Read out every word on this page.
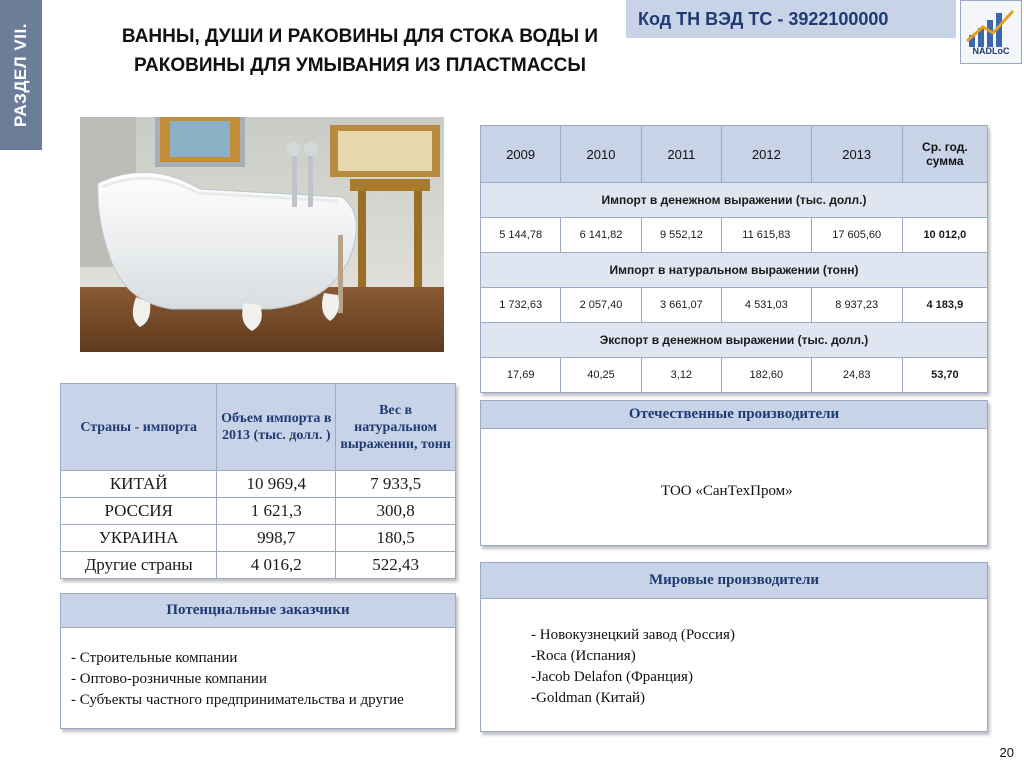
РАЗДЕЛ VII.	ВАННЫ, ДУШИ И РАКОВИНЫ ДЛЯ СТОКА ВОДЫ И
РАКОВИНЫ ДЛЯ УМЫВАНИЯ ИЗ ПЛАСТМАССЫ
Код ТН ВЭД ТС - 3922100000
NADLoC
2009	2010	2011	2012	2013	Ср. год.
сумма

Импорт в денежном выражении (тыс. долл.)					
5 144,78	6 141,82	9 552,12	11 615,83	17 605,60	10 012,0
Импорт в натуральном выражении (тонн)					
1 732,63	2 057,40	3 661,07	4 531,03	8 937,23	4 183,9
Экспорт в денежном выражении (тыс. долл.)					
17,69	40,25	3,12	182,60	24,83	53,70
Страны - импорта	Объем импорта в 2013 (тыс. долл. )	Вес в натуральном выражении, тонн
КИТАЙ	10 969,4	7 933,5
РОССИЯ	1 621,3	300,8
УКРАИНА	998,7	180,5
Другие страны	4 016,2	522,43
Потенциальные заказчики
- Строительные компании
- Оптово-розничные компании
- Субъекты частного предпринимательства и другие
Отечественные производители
ТОО «СанТехПром»
Мировые производители
- Новокузнецкий завод (Россия)
-Roca (Испания)
-Jacob Delafon (Франция)
-Goldman (Китай)
20
